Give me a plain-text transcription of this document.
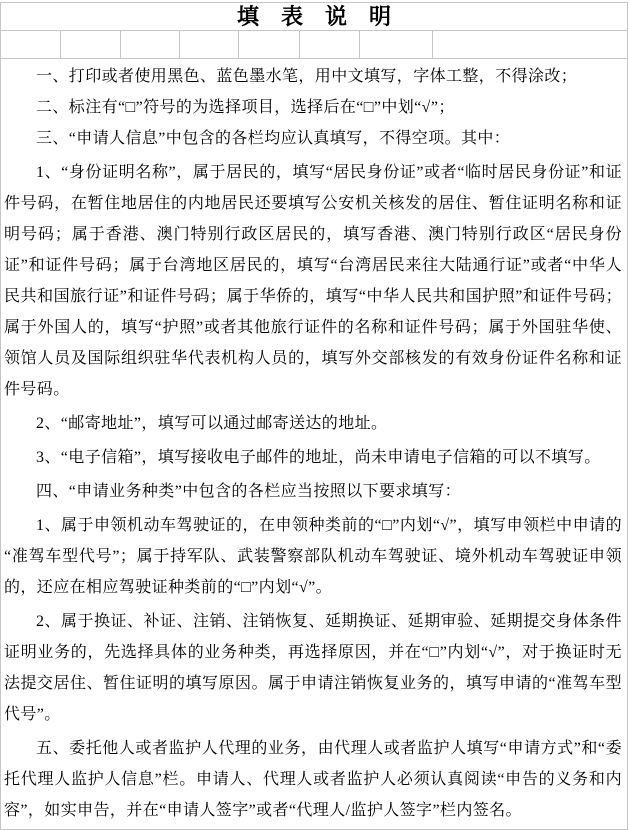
填　表　说　明

一、打印或者使用黑色、蓝色墨水笔，用中文填写，字体工整，不得涂改；

二、标注有“□”符号的为选择项目，选择后在“□”中划“√”；

三、“申请人信息”中包含的各栏均应认真填写，不得空项。其中：

1、“身份证明名称”，属于居民的，填写“居民身份证”或者“临时居民身份证”和证件号码，在暂住地居住的内地居民还要填写公安机关核发的居住、暂住证明名称和证明号码；属于香港、澳门特别行政区居民的，填写香港、澳门特别行政区“居民身份证”和证件号码；属于台湾地区居民的，填写“台湾居民来往大陆通行证”或者“中华人民共和国旅行证”和证件号码；属于华侨的，填写“中华人民共和国护照”和证件号码；属于外国人的，填写“护照”或者其他旅行证件的名称和证件号码；属于外国驻华使、领馆人员及国际组织驻华代表机构人员的，填写外交部核发的有效身份证件名称和证件号码。

2、“邮寄地址”，填写可以通过邮寄送达的地址。

3、“电子信箱”，填写接收电子邮件的地址，尚未申请电子信箱的可以不填写。

四、“申请业务种类”中包含的各栏应当按照以下要求填写：

1、属于申领机动车驾驶证的，在申领种类前的“□”内划“√”，填写申领栏中申请的“准驾车型代号”；属于持军队、武装警察部队机动车驾驶证、境外机动车驾驶证申领的，还应在相应驾驶证种类前的“□”内划“√”。

2、属于换证、补证、注销、注销恢复、延期换证、延期审验、延期提交身体条件证明业务的，先选择具体的业务种类，再选择原因，并在“□”内划“√”，对于换证时无法提交居住、暂住证明的填写原因。属于申请注销恢复业务的，填写申请的“准驾车型代号”。

五、委托他人或者监护人代理的业务，由代理人或者监护人填写“申请方式”和“委托代理人监护人信息”栏。申请人、代理人或者监护人必须认真阅读“申告的义务和内容”，如实申告，并在“申请人签字”或者“代理人/监护人签字”栏内签名。
